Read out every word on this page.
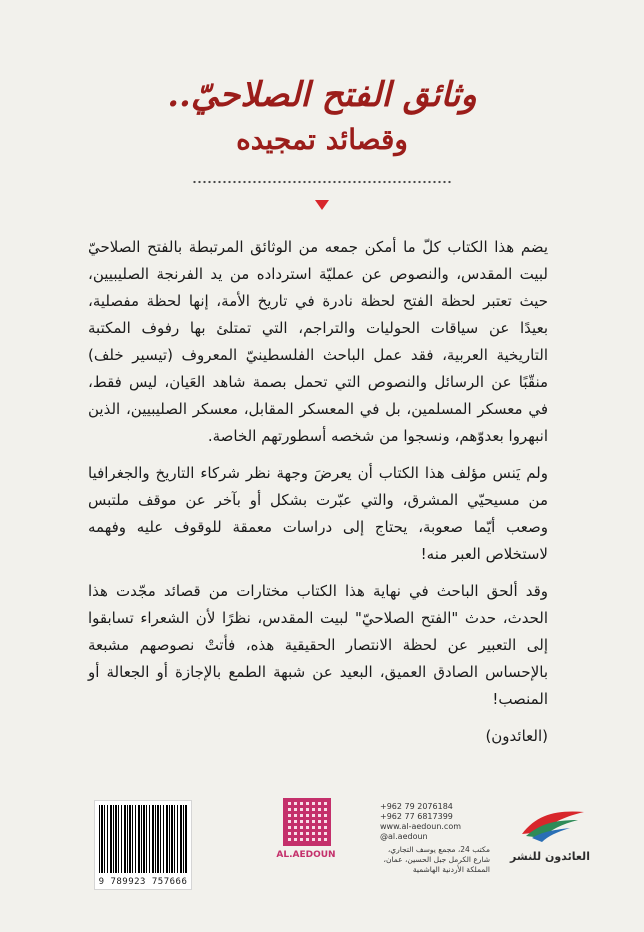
وثائق الفتح الصلاحيّ..
وقصائد تمجيده

يضم هذا الكتاب كلّ ما أمكن جمعه من الوثائق المرتبطة بالفتح الصلاحيّ لبيت المقدس، والنصوص عن عمليّة استرداده من يد الفرنجة الصليبيين، حيث تعتبر لحظة الفتح لحظة نادرة في تاريخ الأمة، إنها لحظة مفصلية، بعيدًا عن سياقات الحوليات والتراجم، التي تمتلئ بها رفوف المكتبة التاريخية العربية، فقد عمل الباحث الفلسطينيّ المعروف (تيسير خلف) منقّبًا عن الرسائل والنصوص التي تحمل بصمة شاهد العَيان، ليس فقط، في معسكر المسلمين، بل في المعسكر المقابل، معسكر الصليبيين، الذين انبهروا بعدوّهم، ونسجوا من شخصه أسطورتهم الخاصة.

ولم يَنس مؤلف هذا الكتاب أن يعرضَ وجهة نظر شركاء التاريخ والجغرافيا من مسيحيّي المشرق، والتي عبّرت بشكل أو بآخر عن موقف ملتبس وصعب أيّما صعوبة، يحتاج إلى دراسات معمقة للوقوف عليه وفهمه لاستخلاص العبر منه!

وقد ألحق الباحث في نهاية هذا الكتاب مختارات من قصائد مجّدت هذا الحدث، حدث "الفتح الصلاحيّ" لبيت المقدس، نظرًا لأن الشعراء تسابقوا إلى التعبير عن لحظة الانتصار الحقيقية هذه، فأتتْ نصوصهم مشبعة بالإحساس الصادق العميق، البعيد عن شبهة الطمع بالإجازة أو الجعالة أو المنصب!

(العائدون)

9 789923 757666
AL.AEDOUN
+962 79 2076184
+962 77 6817399
www.al-aedoun.com
@al.aedoun
مكتب 24، مجمع يوسف التجاري، شارع الكرمل جبل الحسين، عمان، المملكة الأردنية الهاشمية
العائدون للنشر
